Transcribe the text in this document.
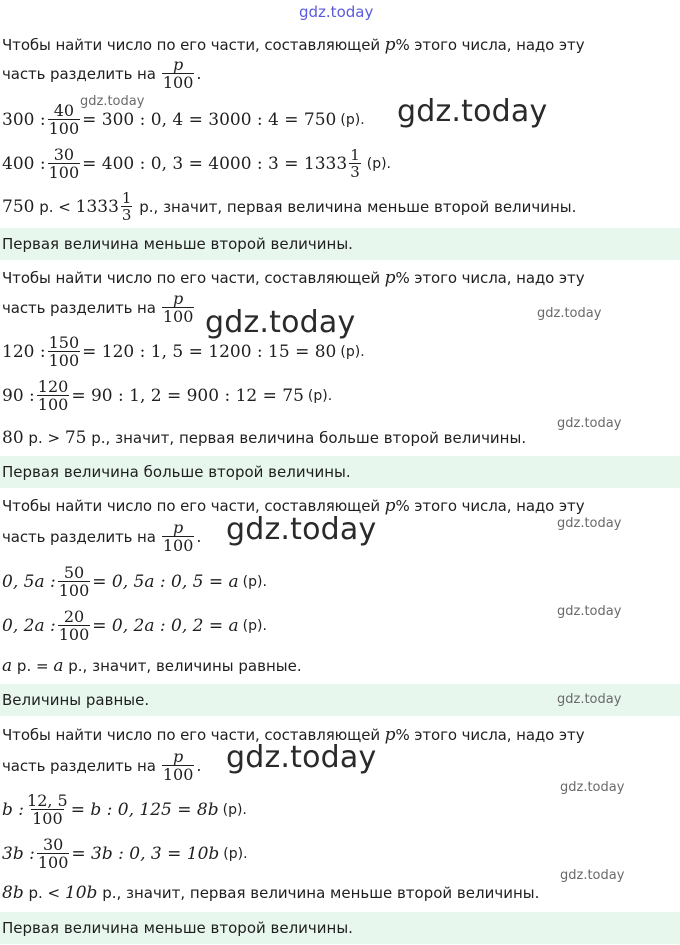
gdz.today
Чтобы найти число по его части, составляющей p% этого числа, надо эту
часть разделить на $\frac{p}{100}$ .
300 : $\frac{40}{100} = 300$ : 0, 4 = 3000 : 4 = 750 (р).
400 : $\frac{30}{100} = 400$ : 0, 3 = 4000 : $3 = 1333 \frac{1}{3} (р)$.
750
р. <
$1333 \frac{1}{3}$
р., значит, первая величина меньше второй величины.
Первая величина меньше второй величины.
Чтобы найти число по его части, составляющей p% этого числа, надо эту
часть разделить на $\frac{p}{100}$
120 : $\frac{150}{100} = 120$ : 1, 5 = 1200 : 15 = 80 (р).
90 : $\frac{120}{100} = 90$ : 1, 2 = 900 : 12 = 75 (р).
80
р. >
75
р., значит, первая величина больше второй величины.
Первая величина больше второй величины.
Чтобы найти число по его части, составляющей p% этого числа, надо эту
часть разделить на $\frac{p}{100}$ .
0, 5a : $\frac{50}{100} = 0$, 5a : 0, 5 = a (р).
0, 2a : $\frac{20}{100} = 0$, 2a : 0, 2 = a (р).
a
р. =
a
р., значит, величины равные.
Величины равные.
Чтобы найти число по его части, составляющей p% этого числа, надо эту
часть разделить на $\frac{p}{100}$ .
b : $\frac{12, 5}{100} = b$ : 0, 125 = 8b (р).
3b : $\frac{30}{100} = 3b$ : 0, 3 = 10b (р).
8b
р. <
10b
р., значит, первая величина меньше второй величины.
Первая величина меньше второй величины.
gdz.today	gdz.today
gdz.today	gdz.today
gdz.today
gdz.today	gdz.today
gdz.today
gdz.today
gdz.today
gdz.today
gdz.today
